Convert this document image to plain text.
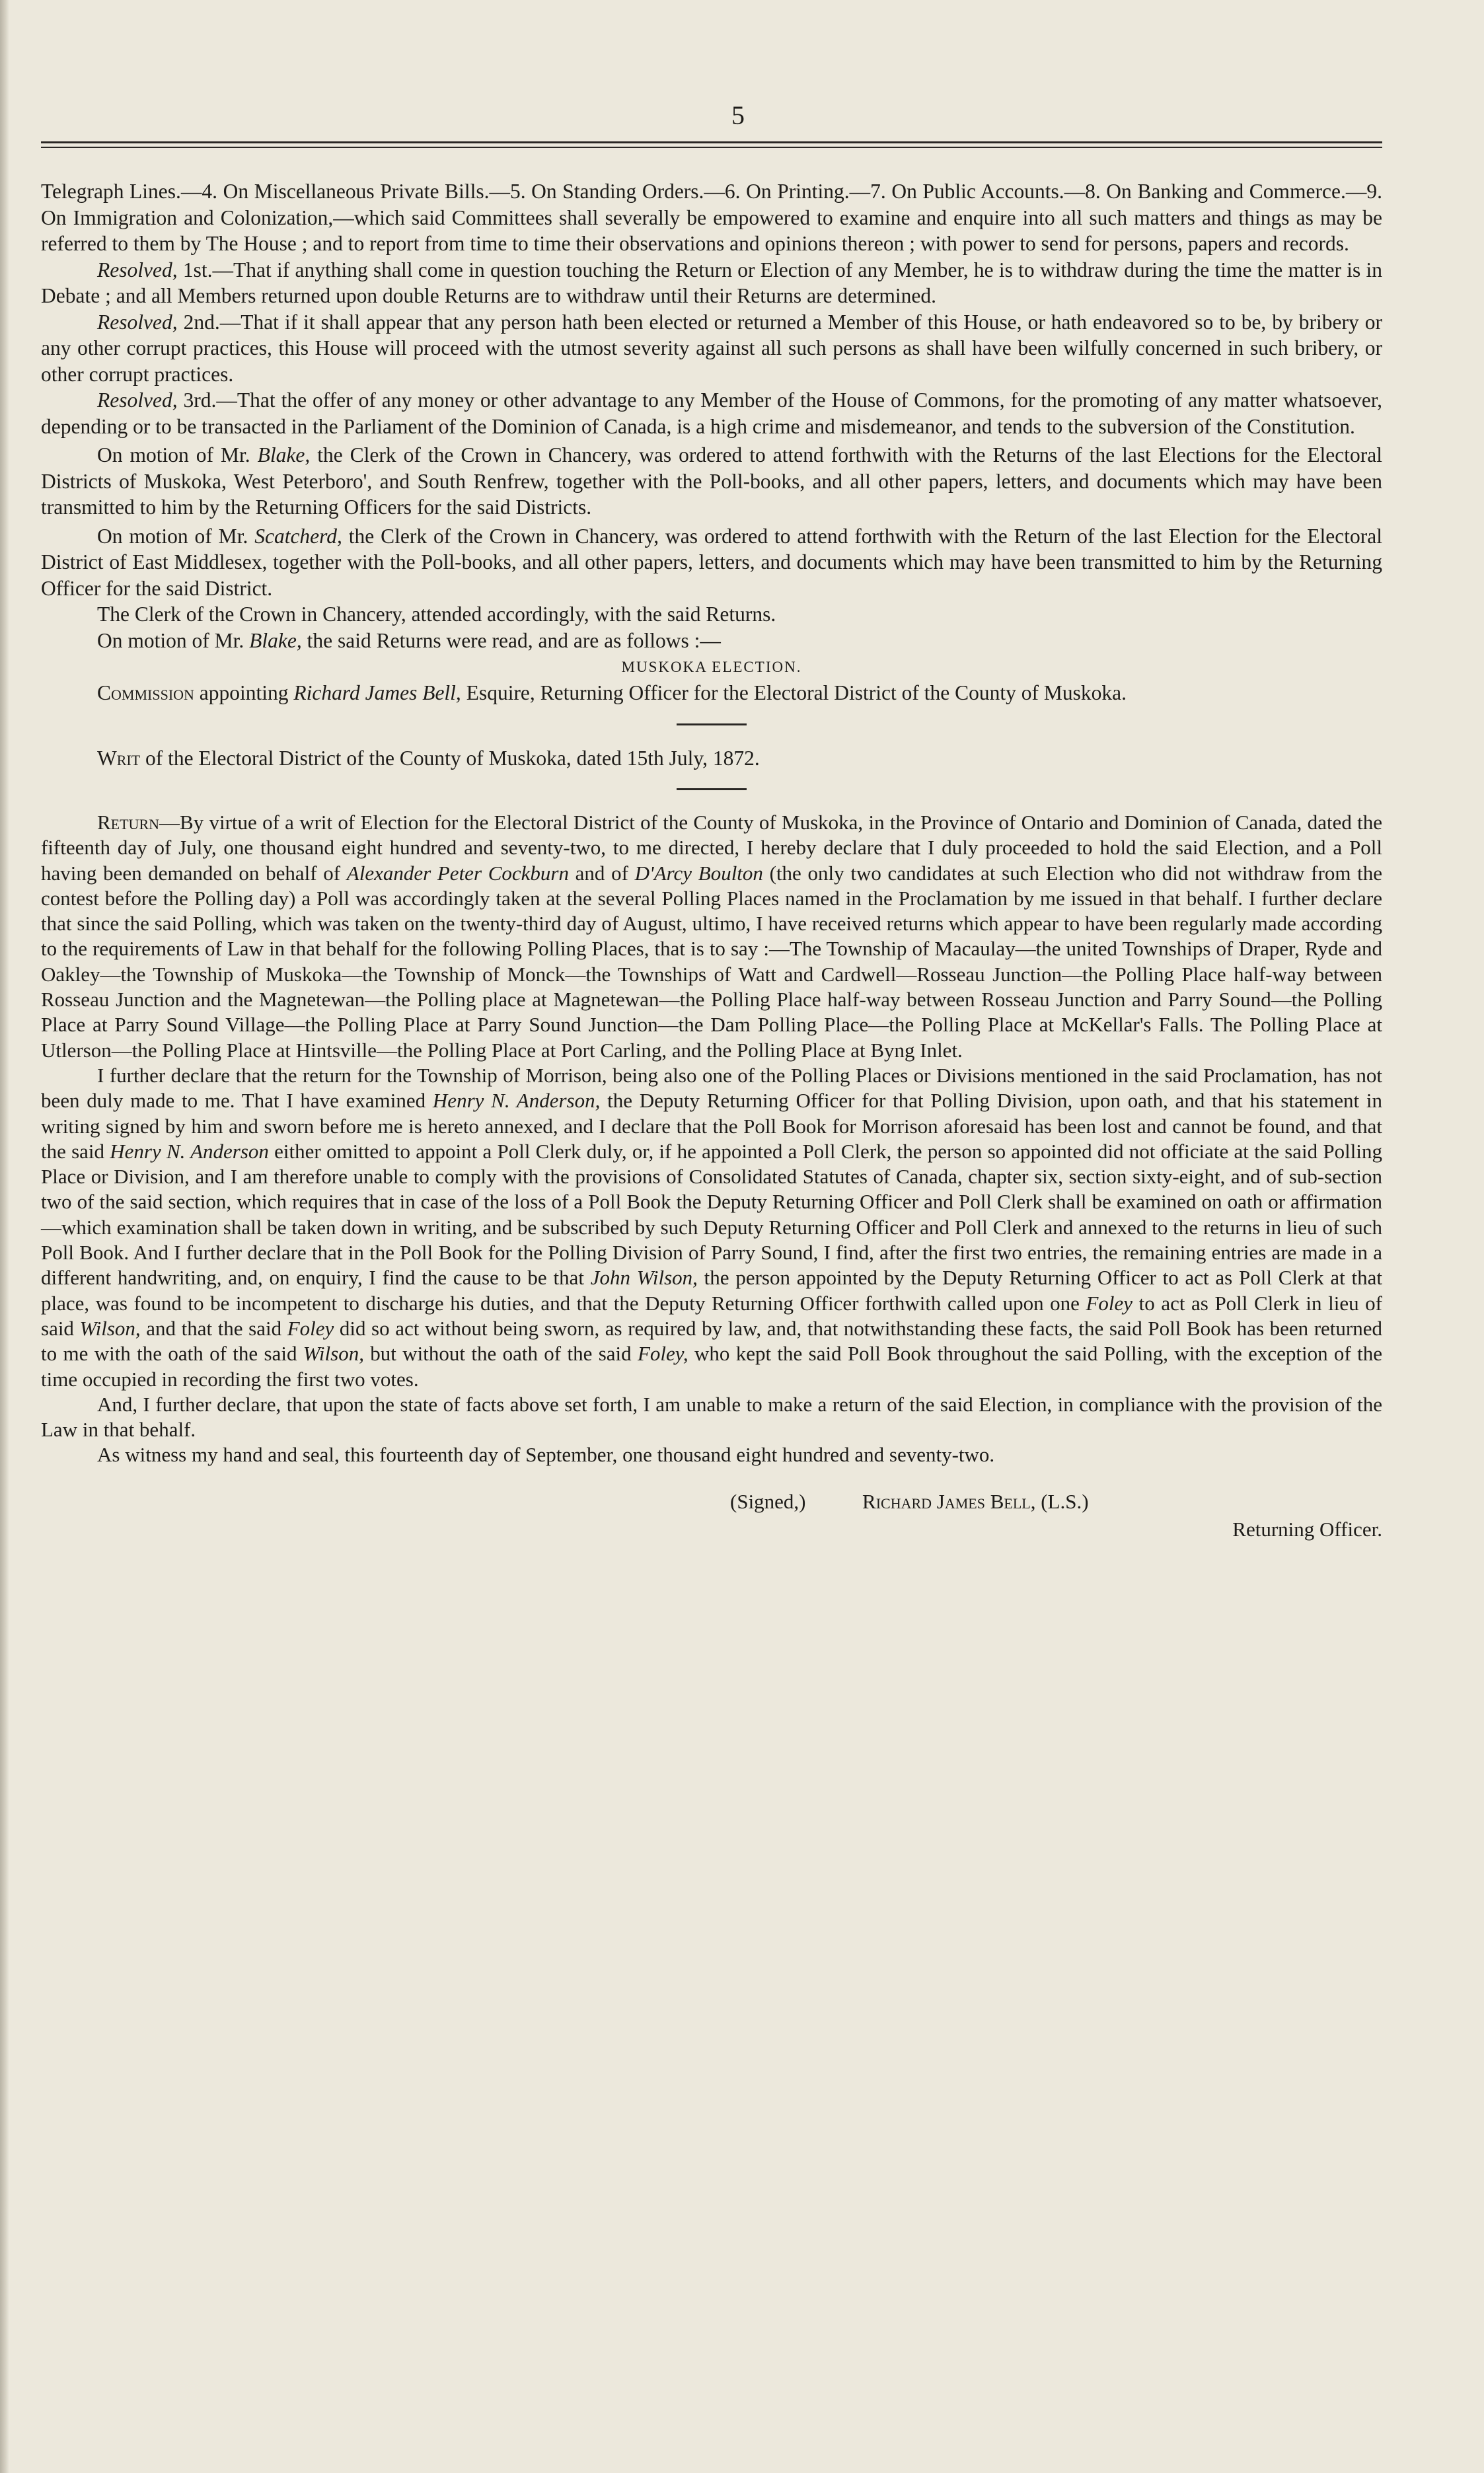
5

Telegraph Lines.—4. On Miscellaneous Private Bills.—5. On Standing Orders.—6. On Printing.—7. On Public Accounts.—8. On Banking and Commerce.—9. On Immigration and Colonization,—which said Committees shall severally be empowered to examine and enquire into all such matters and things as may be referred to them by The House ; and to report from time to time their observations and opinions thereon ; with power to send for persons, papers and records.

Resolved, 1st.—That if anything shall come in question touching the Return or Election of any Member, he is to withdraw during the time the matter is in Debate ; and all Members returned upon double Returns are to withdraw until their Returns are determined.

Resolved, 2nd.—That if it shall appear that any person hath been elected or returned a Member of this House, or hath endeavored so to be, by bribery or any other corrupt practices, this House will proceed with the utmost severity against all such persons as shall have been wilfully concerned in such bribery, or other corrupt practices.

Resolved, 3rd.—That the offer of any money or other advantage to any Member of the House of Commons, for the promoting of any matter whatsoever, depending or to be transacted in the Parliament of the Dominion of Canada, is a high crime and misdemeanor, and tends to the subversion of the Constitution.

On motion of Mr. Blake, the Clerk of the Crown in Chancery, was ordered to attend forthwith with the Returns of the last Elections for the Electoral Districts of Muskoka, West Peterboro', and South Renfrew, together with the Poll-books, and all other papers, letters, and documents which may have been transmitted to him by the Returning Officers for the said Districts.

On motion of Mr. Scatcherd, the Clerk of the Crown in Chancery, was ordered to attend forthwith with the Return of the last Election for the Electoral District of East Middlesex, together with the Poll-books, and all other papers, letters, and documents which may have been transmitted to him by the Returning Officer for the said District.

The Clerk of the Crown in Chancery, attended accordingly, with the said Returns.

On motion of Mr. Blake, the said Returns were read, and are as follows :—

MUSKOKA ELECTION.

Commission appointing Richard James Bell, Esquire, Returning Officer for the Electoral District of the County of Muskoka.

Writ of the Electoral District of the County of Muskoka, dated 15th July, 1872.

Return—By virtue of a writ of Election for the Electoral District of the County of Muskoka, in the Province of Ontario and Dominion of Canada, dated the fifteenth day of July, one thousand eight hundred and seventy-two, to me directed, I hereby declare that I duly proceeded to hold the said Election, and a Poll having been demanded on behalf of Alexander Peter Cockburn and of D'Arcy Boulton (the only two candidates at such Election who did not withdraw from the contest before the Polling day) a Poll was accordingly taken at the several Polling Places named in the Proclamation by me issued in that behalf. I further declare that since the said Polling, which was taken on the twenty-third day of August, ultimo, I have received returns which appear to have been regularly made according to the requirements of Law in that behalf for the following Polling Places, that is to say :—The Township of Macaulay—the united Townships of Draper, Ryde and Oakley—the Township of Muskoka—the Township of Monck—the Townships of Watt and Cardwell—Rosseau Junction—the Polling Place half-way between Rosseau Junction and the Magnetewan—the Polling place at Magnetewan—the Polling Place half-way between Rosseau Junction and Parry Sound—the Polling Place at Parry Sound Village—the Polling Place at Parry Sound Junction—the Dam Polling Place—the Polling Place at McKellar's Falls. The Polling Place at Utlerson—the Polling Place at Hintsville—the Polling Place at Port Carling, and the Polling Place at Byng Inlet.

I further declare that the return for the Township of Morrison, being also one of the Polling Places or Divisions mentioned in the said Proclamation, has not been duly made to me. That I have examined Henry N. Anderson, the Deputy Returning Officer for that Polling Division, upon oath, and that his statement in writing signed by him and sworn before me is hereto annexed, and I declare that the Poll Book for Morrison aforesaid has been lost and cannot be found, and that the said Henry N. Anderson either omitted to appoint a Poll Clerk duly, or, if he appointed a Poll Clerk, the person so appointed did not officiate at the said Polling Place or Division, and I am therefore unable to comply with the provisions of Consolidated Statutes of Canada, chapter six, section sixty-eight, and of sub-section two of the said section, which requires that in case of the loss of a Poll Book the Deputy Returning Officer and Poll Clerk shall be examined on oath or affirmation—which examination shall be taken down in writing, and be subscribed by such Deputy Returning Officer and Poll Clerk and annexed to the returns in lieu of such Poll Book. And I further declare that in the Poll Book for the Polling Division of Parry Sound, I find, after the first two entries, the remaining entries are made in a different handwriting, and, on enquiry, I find the cause to be that John Wilson, the person appointed by the Deputy Returning Officer to act as Poll Clerk at that place, was found to be incompetent to discharge his duties, and that the Deputy Returning Officer forthwith called upon one Foley to act as Poll Clerk in lieu of said Wilson, and that the said Foley did so act without being sworn, as required by law, and, that notwithstanding these facts, the said Poll Book has been returned to me with the oath of the said Wilson, but without the oath of the said Foley, who kept the said Poll Book throughout the said Polling, with the exception of the time occupied in recording the first two votes.

And, I further declare, that upon the state of facts above set forth, I am unable to make a return of the said Election, in compliance with the provision of the Law in that behalf.

As witness my hand and seal, this fourteenth day of September, one thousand eight hundred and seventy-two.

(Signed,)	Richard James Bell, (L.S.)
Returning Officer.
